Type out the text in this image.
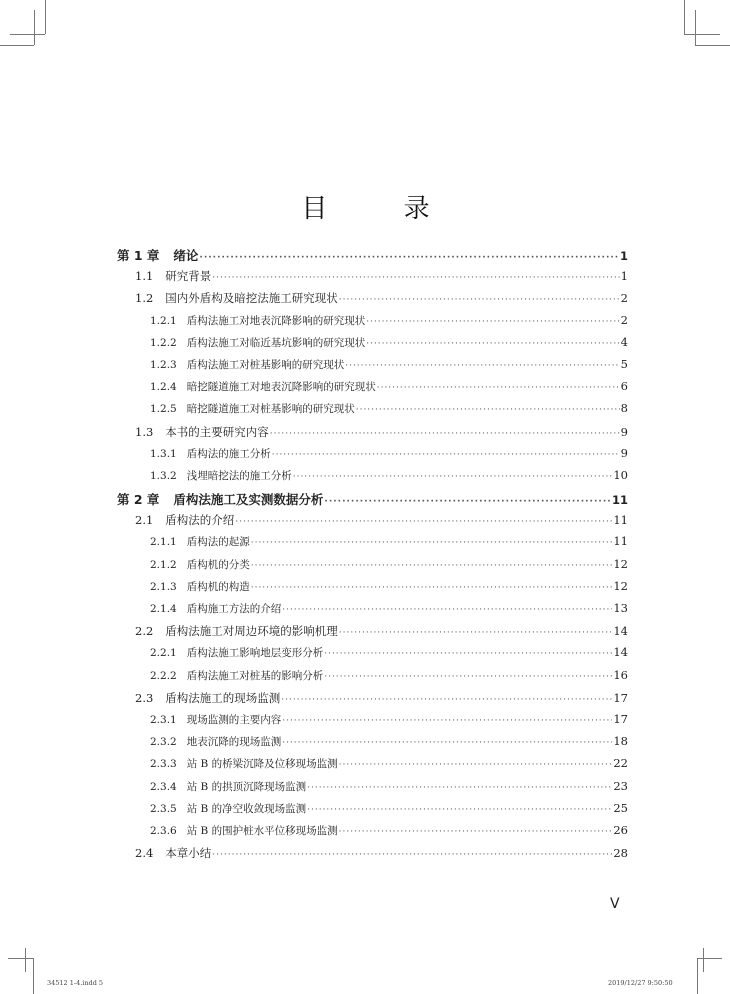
目 录
第 1 章 绪论 ·····	1
1.1 研究背景 ·····	1
1.2 国内外盾构及暗挖法施工研究现状 ·····	2
1.2.1 盾构法施工对地表沉降影响的研究现状 ·····	2
1.2.2 盾构法施工对临近基坑影响的研究现状 ·····	4
1.2.3 盾构法施工对桩基影响的研究现状 ·····	5
1.2.4 暗挖隧道施工对地表沉降影响的研究现状 ·····	6
1.2.5 暗挖隧道施工对桩基影响的研究现状 ·····	8
1.3 本书的主要研究内容 ·····	9
1.3.1 盾构法的施工分析 ·····	9
1.3.2 浅埋暗挖法的施工分析 ·····	10
第 2 章 盾构法施工及实测数据分析 ·····	11
2.1 盾构法的介绍 ·····	11
2.1.1 盾构法的起源 ·····	11
2.1.2 盾构机的分类 ·····	12
2.1.3 盾构机的构造 ·····	12
2.1.4 盾构施工方法的介绍 ·····	13
2.2 盾构法施工对周边环境的影响机理 ·····	14
2.2.1 盾构法施工影响地层变形分析 ·····	14
2.2.2 盾构法施工对桩基的影响分析 ·····	16
2.3 盾构法施工的现场监测 ·····	17
2.3.1 现场监测的主要内容 ·····	17
2.3.2 地表沉降的现场监测 ·····	18
2.3.3 站 B 的桥梁沉降及位移现场监测 ·····	22
2.3.4 站 B 的拱顶沉降现场监测 ·····	23
2.3.5 站 B 的净空收敛现场监测 ·····	25
2.3.6 站 B 的围护桩水平位移现场监测 ·····	26
2.4 本章小结 ·····	28
V
34512 1-4.indd 5	2019/12/27 9:50:50
